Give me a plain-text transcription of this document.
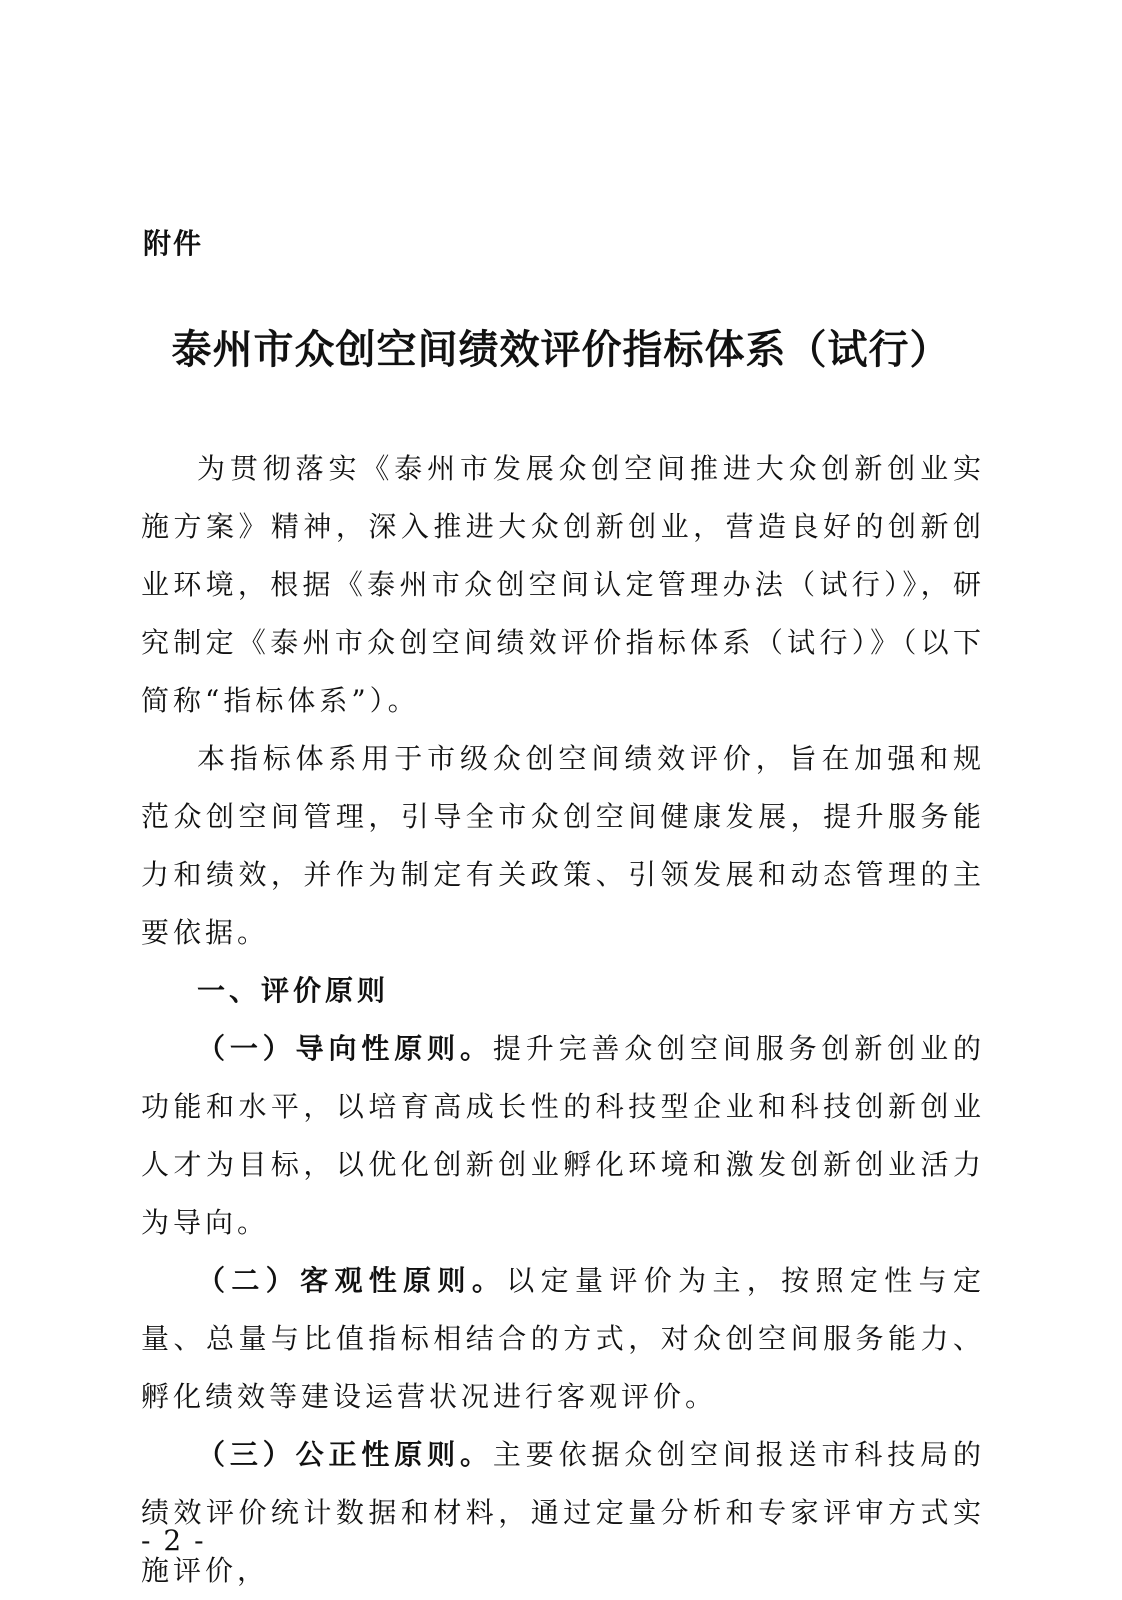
附件
泰州市众创空间绩效评价指标体系（试行）

为贯彻落实《泰州市发展众创空间推进大众创新创业实施方案》精神，深入推进大众创新创业，营造良好的创新创业环境，根据《泰州市众创空间认定管理办法（试行）》，研究制定《泰州市众创空间绩效评价指标体系（试行）》（以下简称“指标体系”）。

本指标体系用于市级众创空间绩效评价，旨在加强和规范众创空间管理，引导全市众创空间健康发展，提升服务能力和绩效，并作为制定有关政策、引领发展和动态管理的主要依据。

一、评价原则

（一）导向性原则。提升完善众创空间服务创新创业的功能和水平，以培育高成长性的科技型企业和科技创新创业人才为目标，以优化创新创业孵化环境和激发创新创业活力为导向。

（二）客观性原则。以定量评价为主，按照定性与定量、总量与比值指标相结合的方式，对众创空间服务能力、孵化绩效等建设运营状况进行客观评价。

（三）公正性原则。主要依据众创空间报送市科技局的绩效评价统计数据和材料，通过定量分析和专家评审方式实施评价，

- 2 -
